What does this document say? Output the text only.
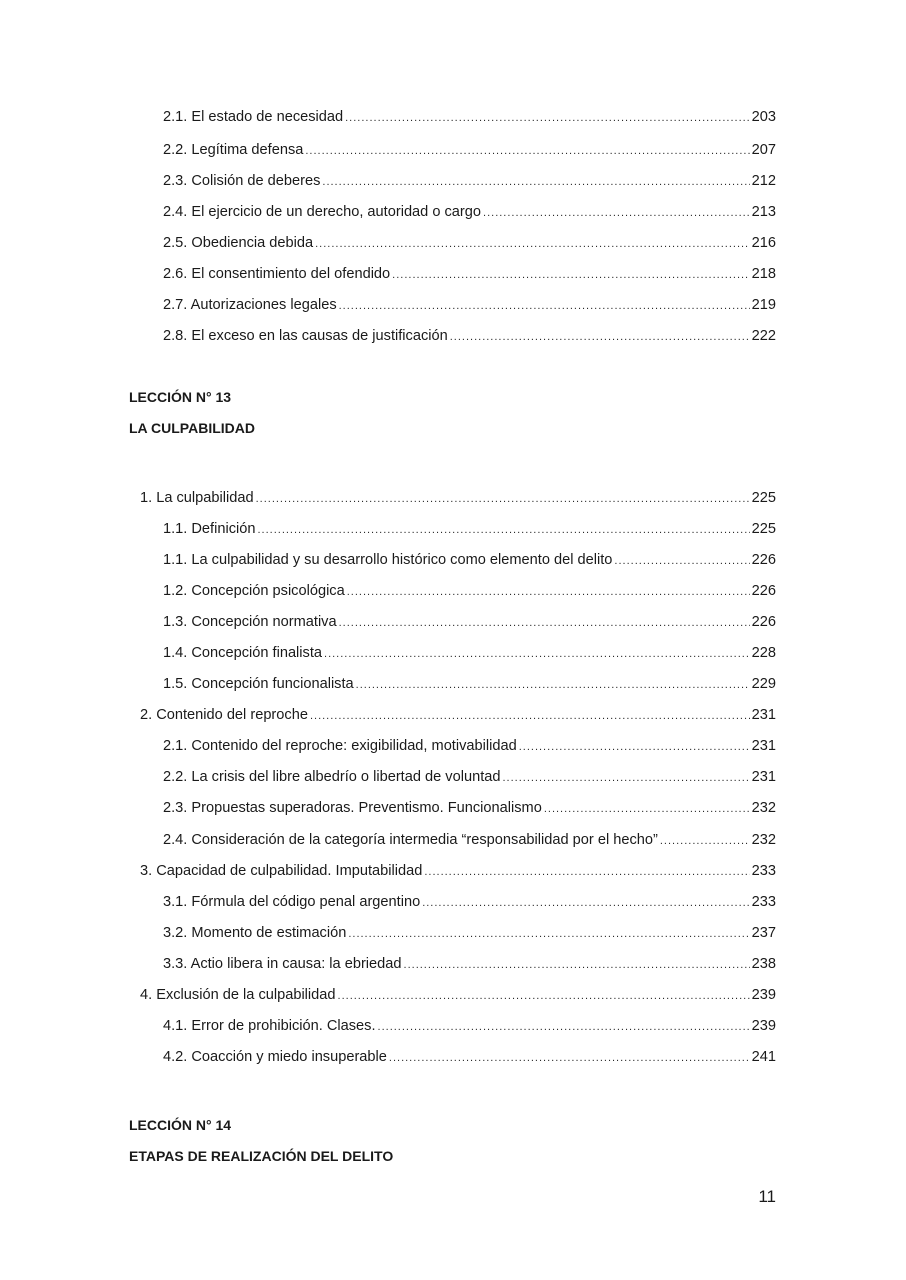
2.1. El estado de necesidad .....	203
2.2. Legítima defensa .....	207
2.3. Colisión de deberes .....	212
2.4. El ejercicio de un derecho, autoridad o cargo .....	213
2.5. Obediencia debida .....	216
2.6. El consentimiento del ofendido .....	218
2.7. Autorizaciones legales .....	219
2.8. El exceso en las causas de justificación .....	222
LECCIÓN N° 13
LA CULPABILIDAD
1. La culpabilidad .....	225
1.1. Definición .....	225
1.1. La culpabilidad y su desarrollo histórico como elemento del delito .....	226
1.2. Concepción psicológica .....	226
1.3. Concepción normativa .....	226
1.4. Concepción finalista .....	228
1.5. Concepción funcionalista .....	229
2. Contenido del reproche .....	231
2.1. Contenido del reproche: exigibilidad, motivabilidad .....	231
2.2. La crisis del libre albedrío o libertad de voluntad .....	231
2.3. Propuestas superadoras. Preventismo. Funcionalismo .....	232
2.4. Consideración de la categoría intermedia “responsabilidad por el hecho” .....	232
3. Capacidad de culpabilidad. Imputabilidad .....	233
3.1. Fórmula del código penal argentino .....	233
3.2. Momento de estimación .....	237
3.3. Actio libera in causa: la ebriedad .....	238
4. Exclusión de la culpabilidad .....	239
4.1. Error de prohibición. Clases. .....	239
4.2. Coacción y miedo insuperable .....	241
LECCIÓN N° 14
ETAPAS DE REALIZACIÓN DEL DELITO
11
